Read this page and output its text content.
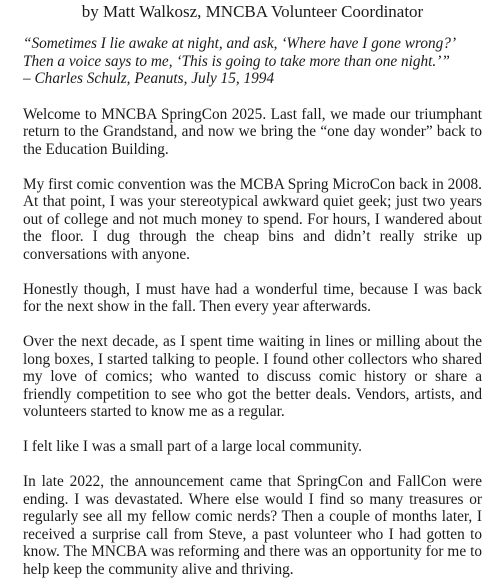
by Matt Walkosz, MNCBA Volunteer Coordinator

“Sometimes I lie awake at night, and ask, ‘Where have I gone wrong?’ Then a voice says to me, ‘This is going to take more than one night.’”
– Charles Schulz, Peanuts, July 15, 1994

Welcome to MNCBA SpringCon 2025. Last fall, we made our triumphant return to the Grandstand, and now we bring the “one day wonder” back to the Education Building.

My first comic convention was the MCBA Spring MicroCon back in 2008. At that point, I was your stereotypical awkward quiet geek; just two years out of college and not much money to spend. For hours, I wandered about the floor. I dug through the cheap bins and didn’t really strike up conversations with anyone.

Honestly though, I must have had a wonderful time, because I was back for the next show in the fall. Then every year afterwards.

Over the next decade, as I spent time waiting in lines or milling about the long boxes, I started talking to people. I found other collectors who shared my love of comics; who wanted to discuss comic history or share a friendly competition to see who got the better deals. Vendors, artists, and volunteers started to know me as a regular.

I felt like I was a small part of a large local community.

In late 2022, the announcement came that SpringCon and FallCon were ending. I was devastated. Where else would I find so many treasures or regularly see all my fellow comic nerds? Then a couple of months later, I received a surprise call from Steve, a past volunteer who I had gotten to know. The MNCBA was reforming and there was an opportunity for me to help keep the community alive and thriving.
